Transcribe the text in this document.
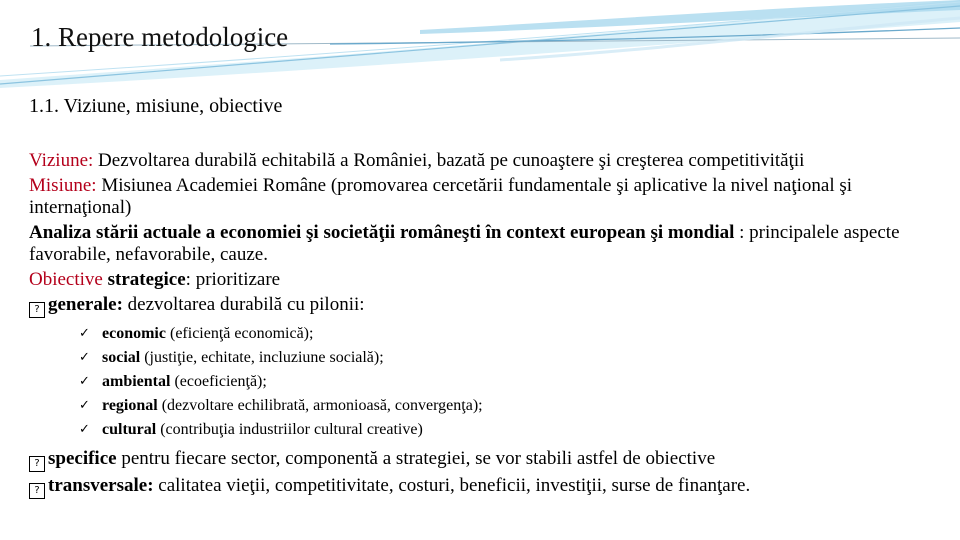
1. Repere metodologice
1.1. Viziune, misiune, obiective

Viziune: Dezvoltarea durabilă echitabilă a României, bazată pe cunoaştere şi creşterea competitivităţii

Misiune: Misiunea Academiei Române (promovarea cercetării fundamentale şi aplicative la nivel naţional şi internaţional)

Analiza stării actuale a economiei şi societăţii româneşti în context european şi mondial : principalele aspecte favorabile, nefavorabile, cauze.

Obiective strategice: prioritizare

? generale: dezvoltarea durabilă cu pilonii:

✓ economic (eficienţă economică);
✓ social (justiţie, echitate, incluziune socială);
✓ ambiental (ecoeficienţă);
✓ regional (dezvoltare echilibrată, armonioasă, convergenţa);
✓ cultural (contribuţia industriilor cultural creative)

? specifice pentru fiecare sector, componentă a strategiei, se vor stabili astfel de obiective

? transversale: calitatea vieţii, competitivitate, costuri, beneficii, investiţii, surse de finanţare.
